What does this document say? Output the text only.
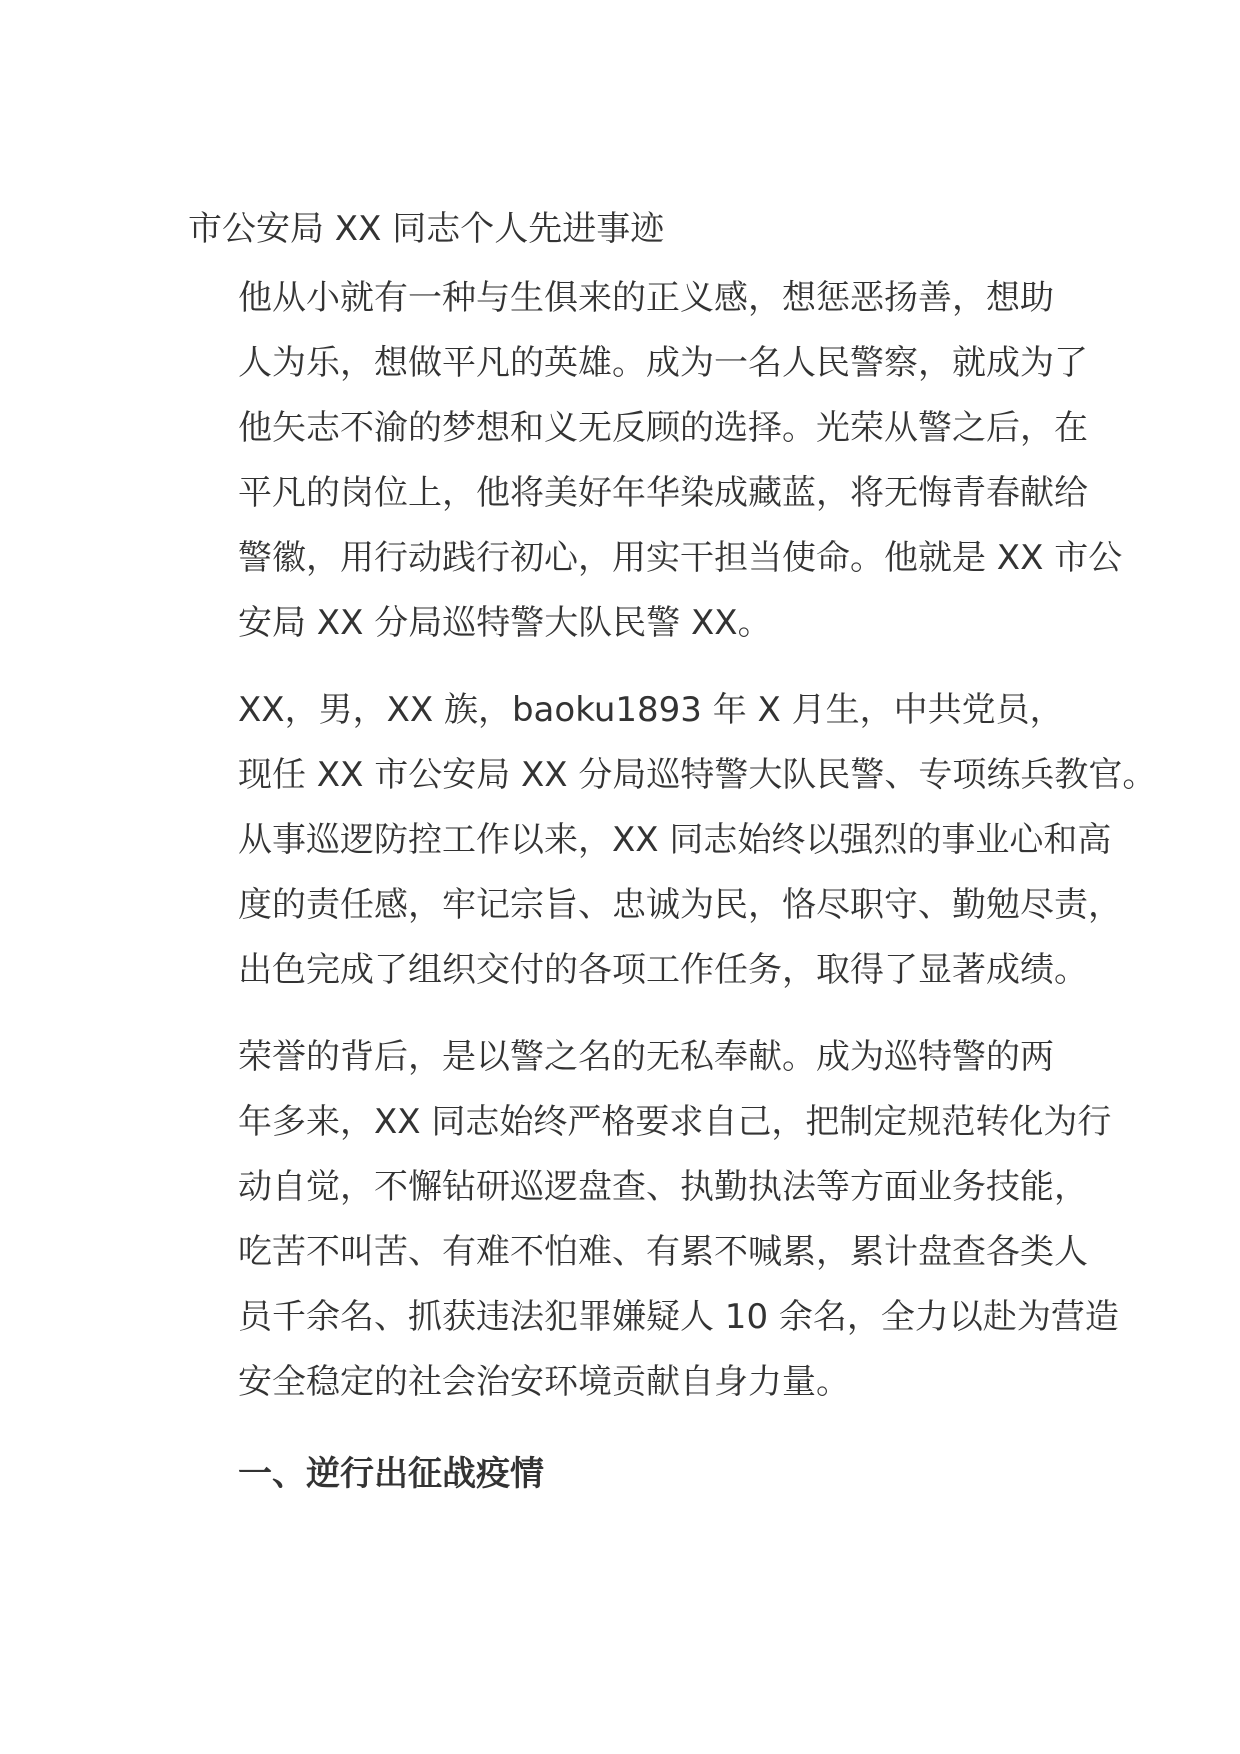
市公安局 XX 同志个人先进事迹

他从小就有一种与生俱来的正义感，想惩恶扬善，想助
人为乐，想做平凡的英雄。成为一名人民警察，就成为了
他矢志不渝的梦想和义无反顾的选择。光荣从警之后，在
平凡的岗位上，他将美好年华染成藏蓝，将无悔青春献给
警徽，用行动践行初心，用实干担当使命。他就是 XX 市公
安局 XX 分局巡特警大队民警 XX。

XX，男，XX 族，baoku1893 年 X 月生，中共党员，
现任 XX 市公安局 XX 分局巡特警大队民警、专项练兵教官。
从事巡逻防控工作以来，XX 同志始终以强烈的事业心和高
度的责任感，牢记宗旨、忠诚为民，恪尽职守、勤勉尽责，
出色完成了组织交付的各项工作任务，取得了显著成绩。

荣誉的背后，是以警之名的无私奉献。成为巡特警的两
年多来，XX 同志始终严格要求自己，把制定规范转化为行
动自觉，不懈钻研巡逻盘查、执勤执法等方面业务技能，
吃苦不叫苦、有难不怕难、有累不喊累，累计盘查各类人
员千余名、抓获违法犯罪嫌疑人 10 余名，全力以赴为营造
安全稳定的社会治安环境贡献自身力量。

一、逆行出征战疫情
